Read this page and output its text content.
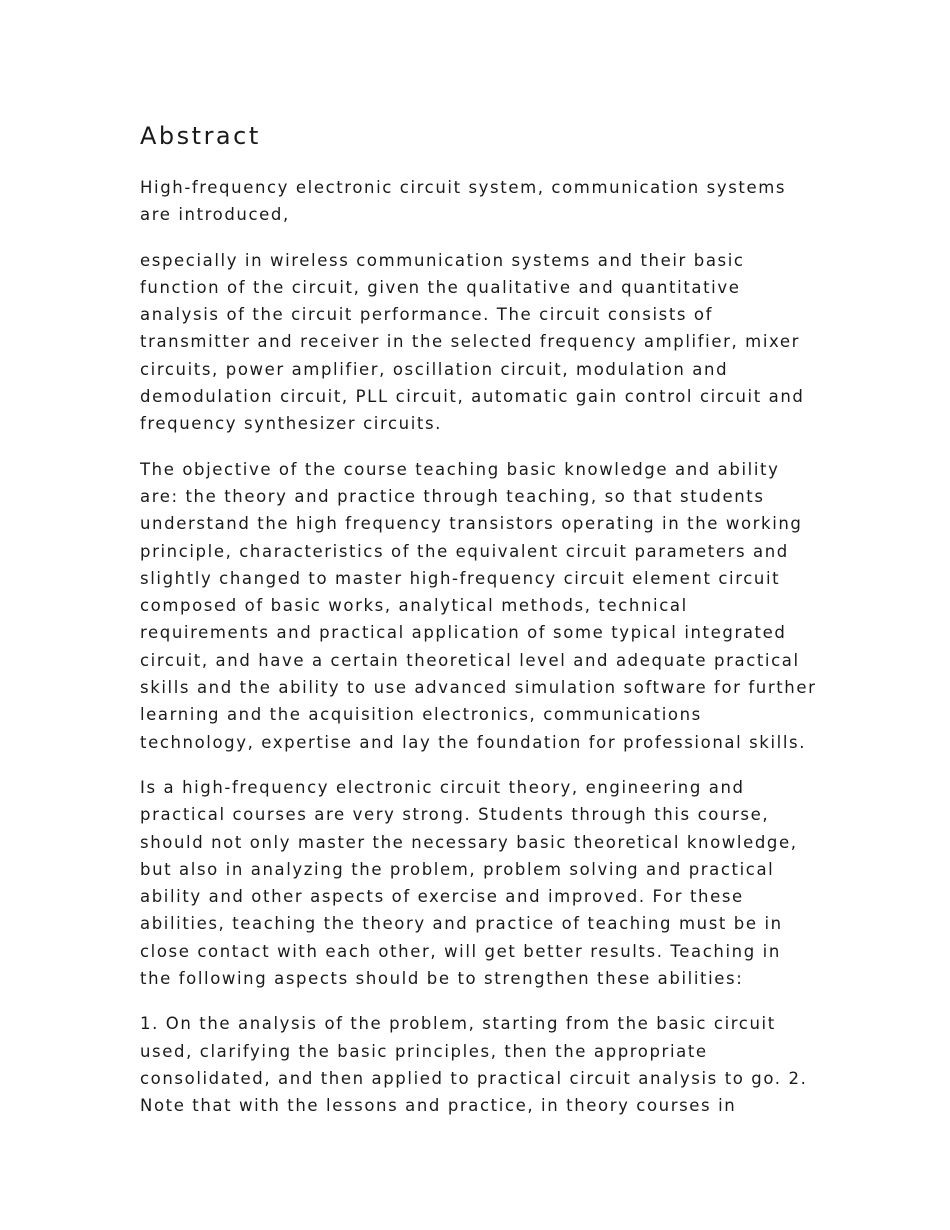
Abstract

High-frequency electronic circuit system, communication systems
are introduced,

especially in wireless communication systems and their basic
function of the circuit, given the qualitative and quantitative
analysis of the circuit performance. The circuit consists of
transmitter and receiver in the selected frequency amplifier, mixer
circuits, power amplifier, oscillation circuit, modulation and
demodulation circuit, PLL circuit, automatic gain control circuit and
frequency synthesizer circuits.

The objective of the course teaching basic knowledge and ability
are: the theory and practice through teaching, so that students
understand the high frequency transistors operating in the working
principle, characteristics of the equivalent circuit parameters and
slightly changed to master high-frequency circuit element circuit
composed of basic works, analytical methods, technical
requirements and practical application of some typical integrated
circuit, and have a certain theoretical level and adequate practical
skills and the ability to use advanced simulation software for further
learning and the acquisition electronics, communications
technology, expertise and lay the foundation for professional skills.

Is a high-frequency electronic circuit theory, engineering and
practical courses are very strong. Students through this course,
should not only master the necessary basic theoretical knowledge,
but also in analyzing the problem, problem solving and practical
ability and other aspects of exercise and improved. For these
abilities, teaching the theory and practice of teaching must be in
close contact with each other, will get better results. Teaching in
the following aspects should be to strengthen these abilities:

1. On the analysis of the problem, starting from the basic circuit
used, clarifying the basic principles, then the appropriate
consolidated, and then applied to practical circuit analysis to go. 2.
Note that with the lessons and practice, in theory courses in
